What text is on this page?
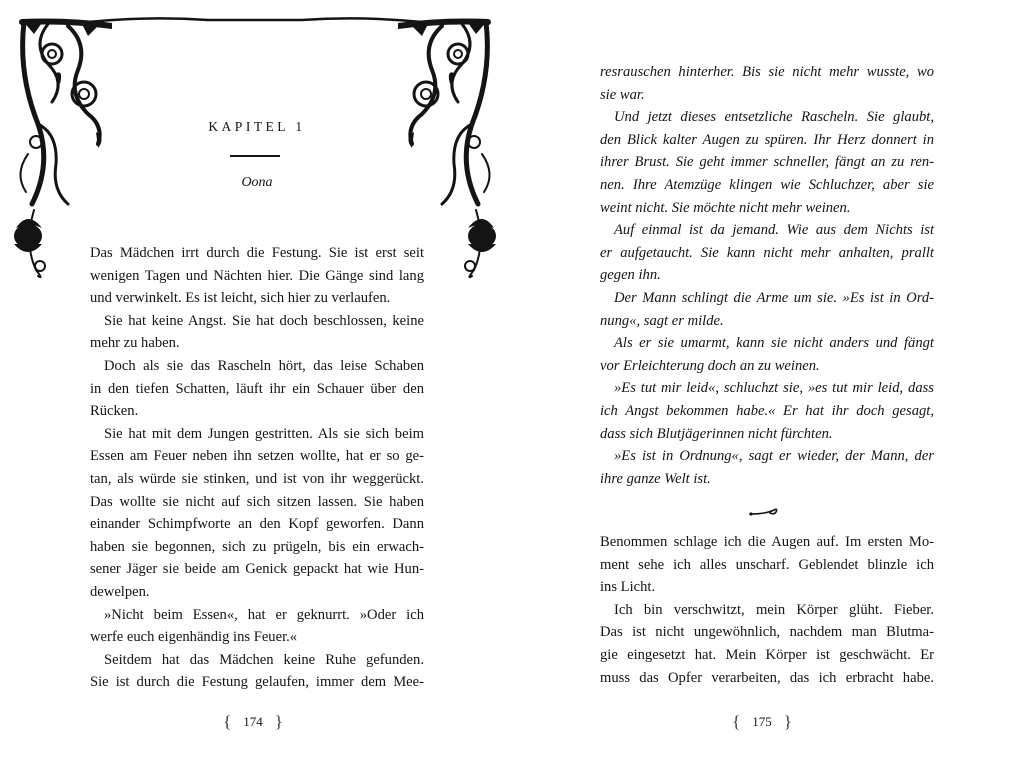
KAPITEL 1
Oona
Das Mädchen irrt durch die Festung. Sie ist erst seit
wenigen Tagen und Nächten hier. Die Gänge sind lang
und verwinkelt. Es ist leicht, sich hier zu verlaufen.
Sie hat keine Angst. Sie hat doch beschlossen, keine
mehr zu haben.
Doch als sie das Rascheln hört, das leise Schaben
in den tiefen Schatten, läuft ihr ein Schauer über den
Rücken.
Sie hat mit dem Jungen gestritten. Als sie sich beim
Essen am Feuer neben ihn setzen wollte, hat er so ge-
tan, als würde sie stinken, und ist von ihr weggerückt.
Das wollte sie nicht auf sich sitzen lassen. Sie haben
einander Schimpfworte an den Kopf geworfen. Dann
haben sie begonnen, sich zu prügeln, bis ein erwach-
sener Jäger sie beide am Genick gepackt hat wie Hun-
dewelpen.
»Nicht beim Essen«, hat er geknurrt. »Oder ich
werfe euch eigenhändig ins Feuer.«
Seitdem hat das Mädchen keine Ruhe gefunden.
Sie ist durch die Festung gelaufen, immer dem Mee-
resrauschen hinterher. Bis sie nicht mehr wusste, wo
sie war.
Und jetzt dieses entsetzliche Rascheln. Sie glaubt,
den Blick kalter Augen zu spüren. Ihr Herz donnert in
ihrer Brust. Sie geht immer schneller, fängt an zu ren-
nen. Ihre Atemzüge klingen wie Schluchzer, aber sie
weint nicht. Sie möchte nicht mehr weinen.
Auf einmal ist da jemand. Wie aus dem Nichts ist
er aufgetaucht. Sie kann nicht mehr anhalten, prallt
gegen ihn.
Der Mann schlingt die Arme um sie. »Es ist in Ord-
nung«, sagt er milde.
Als er sie umarmt, kann sie nicht anders und fängt
vor Erleichterung doch an zu weinen.
»Es tut mir leid«, schluchzt sie, »es tut mir leid, dass
ich Angst bekommen habe.« Er hat ihr doch gesagt,
dass sich Blutjägerinnen nicht fürchten.
»Es ist in Ordnung«, sagt er wieder, der Mann, der
ihre ganze Welt ist.
Benommen schlage ich die Augen auf. Im ersten Mo-
ment sehe ich alles unscharf. Geblendet blinzle ich
ins Licht.
Ich bin verschwitzt, mein Körper glüht. Fieber.
Das ist nicht ungewöhnlich, nachdem man Blutma-
gie eingesetzt hat. Mein Körper ist geschwächt. Er
muss das Opfer verarbeiten, das ich erbracht habe.
{ 174 }	{ 175 }
